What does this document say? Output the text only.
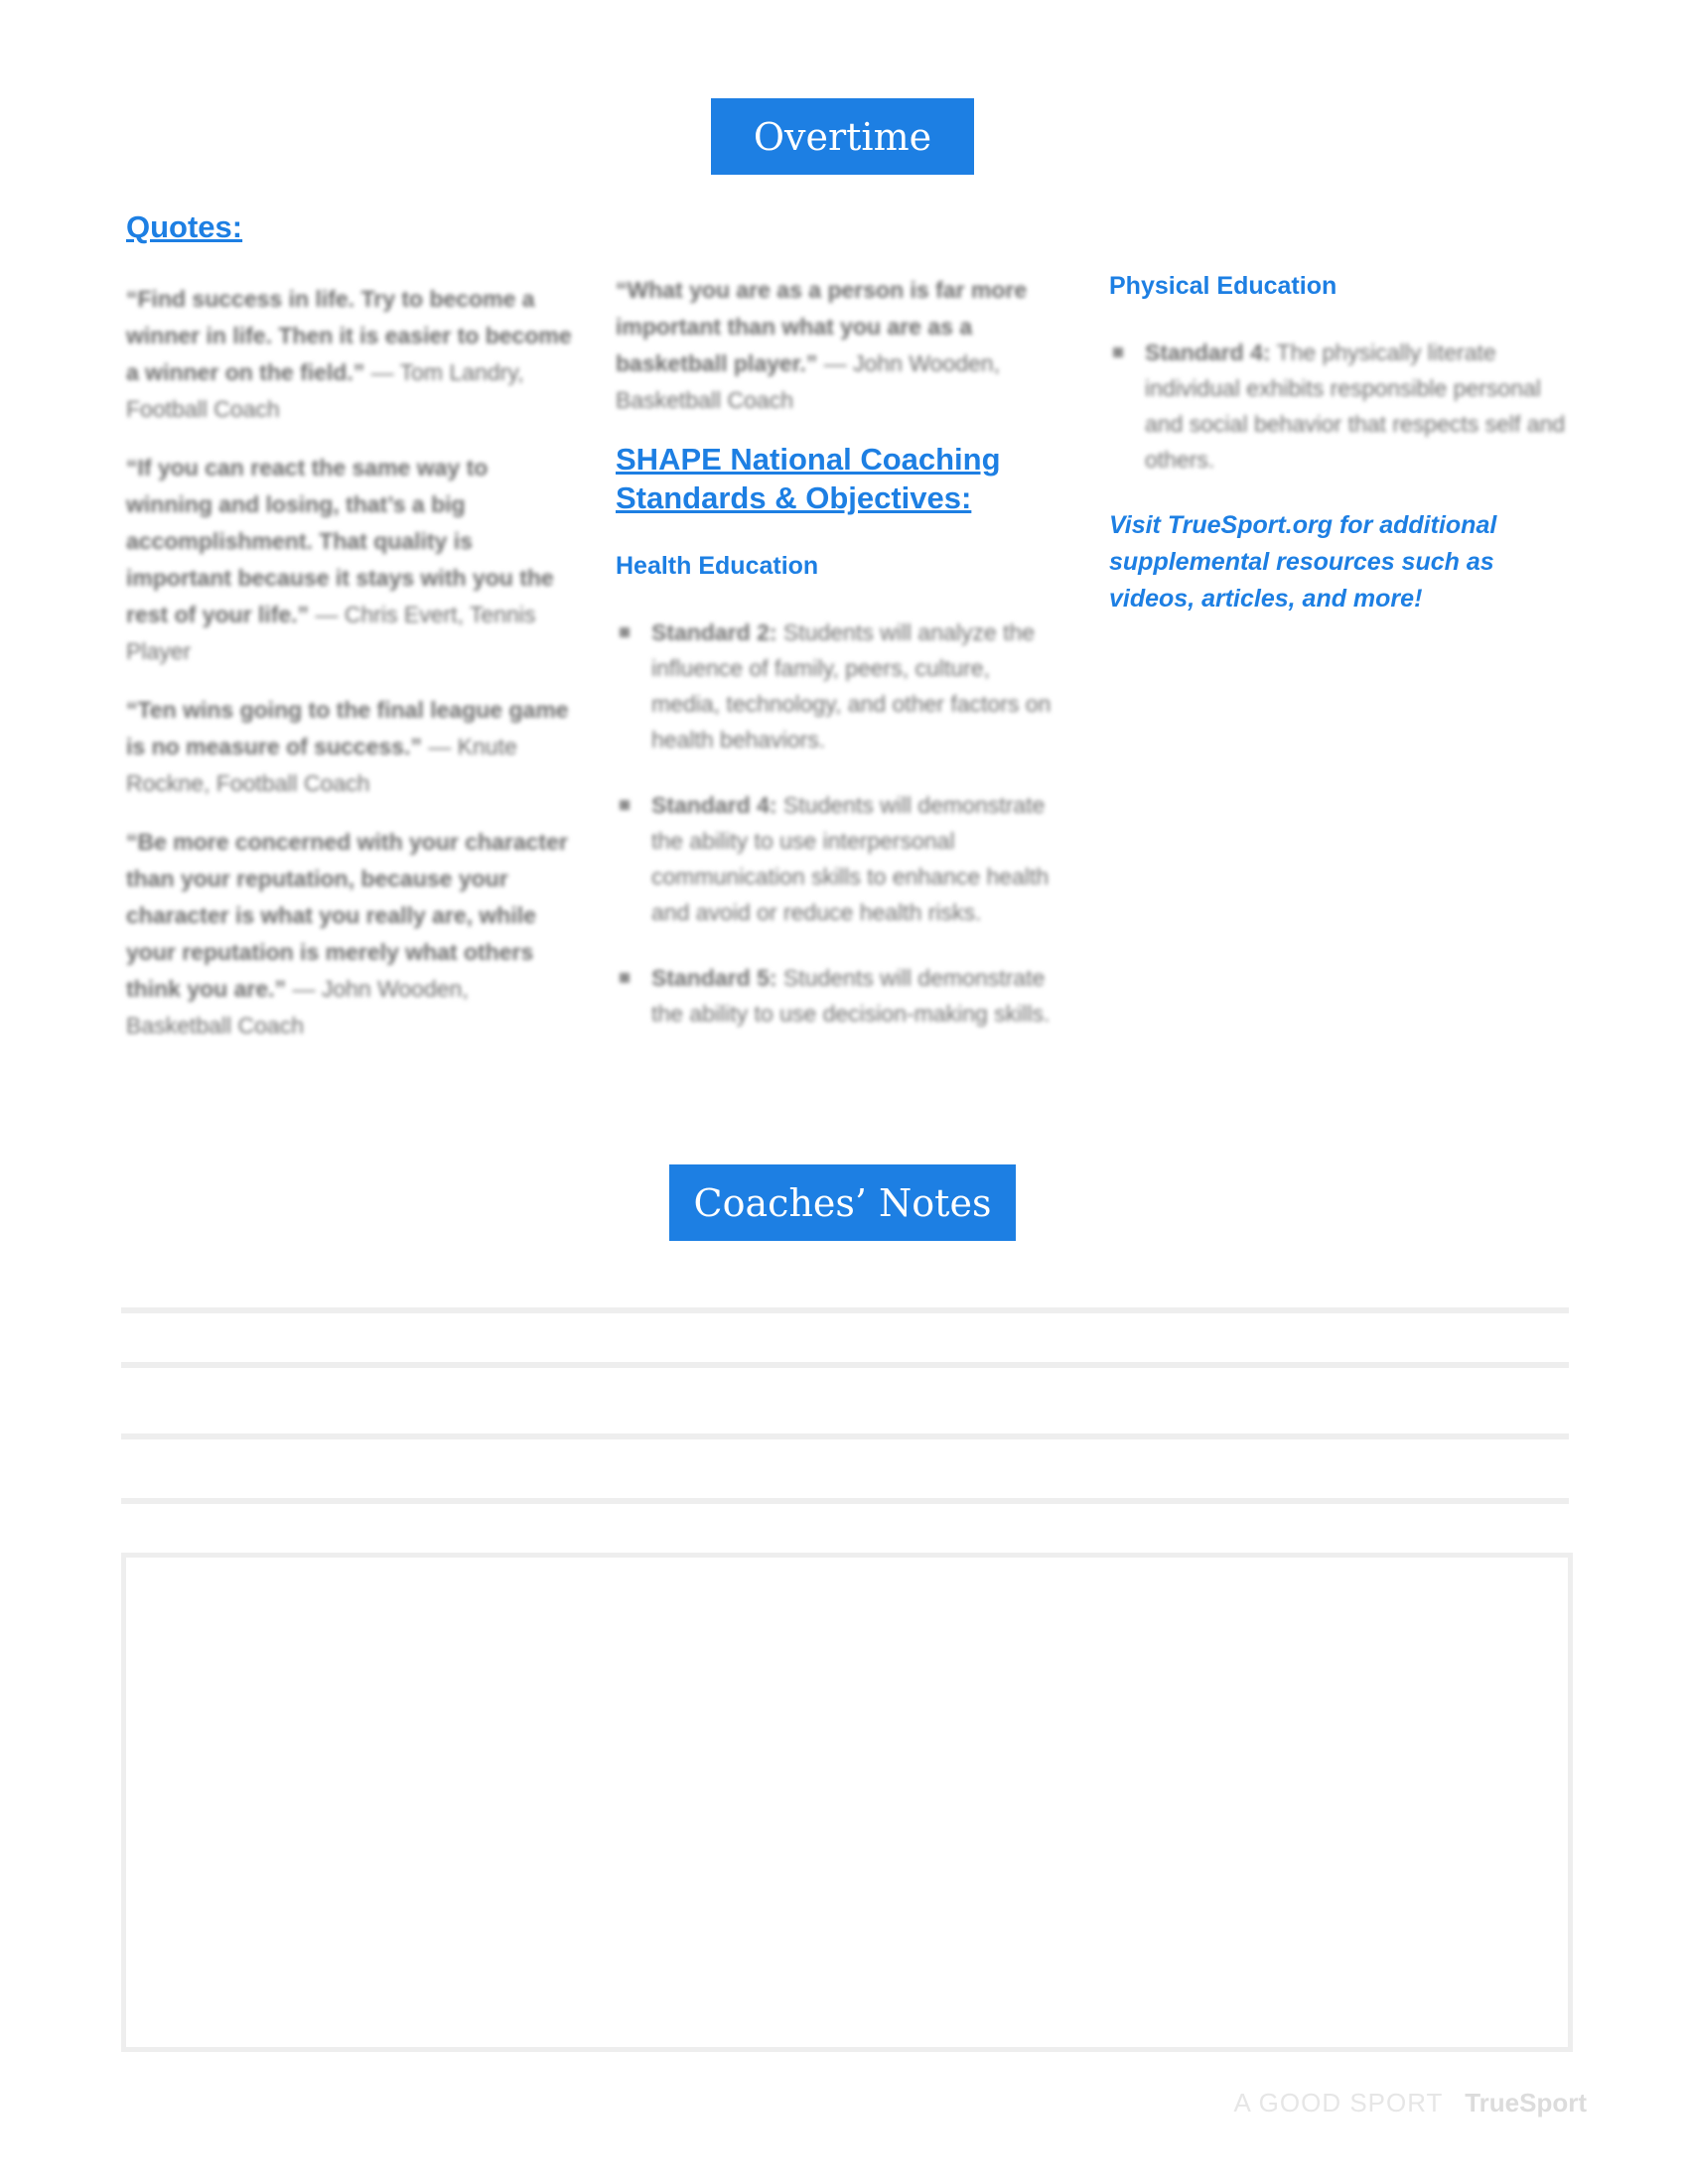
Overtime
Quotes:
“Find success in life. Try to become a winner in life. Then it is easier to become a winner on the field.” — Tom Landry, Football Coach
“If you can react the same way to winning and losing, that’s a big accomplishment. That quality is important because it stays with you the rest of your life.” — Chris Evert, Tennis Player
“Ten wins going to the final league game is no measure of success.” — Knute Rockne, Football Coach
“Be more concerned with your character than your reputation, because your character is what you really are, while your reputation is merely what others think you are.” — John Wooden, Basketball Coach
“What you are as a person is far more important than what you are as a basketball player.” — John Wooden, Basketball Coach
SHAPE National Coaching Standards & Objectives:
Health Education
Standard 2: Students will analyze the influence of family, peers, culture, media, technology, and other factors on health behaviors.
Standard 4: Students will demonstrate the ability to use interpersonal communication skills to enhance health and avoid or reduce health risks.
Standard 5: Students will demonstrate the ability to use decision-making skills.
Physical Education
Standard 4: The physically literate individual exhibits responsible personal and social behavior that respects self and others.
Visit TrueSport.org for additional supplemental resources such as videos, articles, and more!
Coaches’ Notes
A GOOD SPORT TrueSport
